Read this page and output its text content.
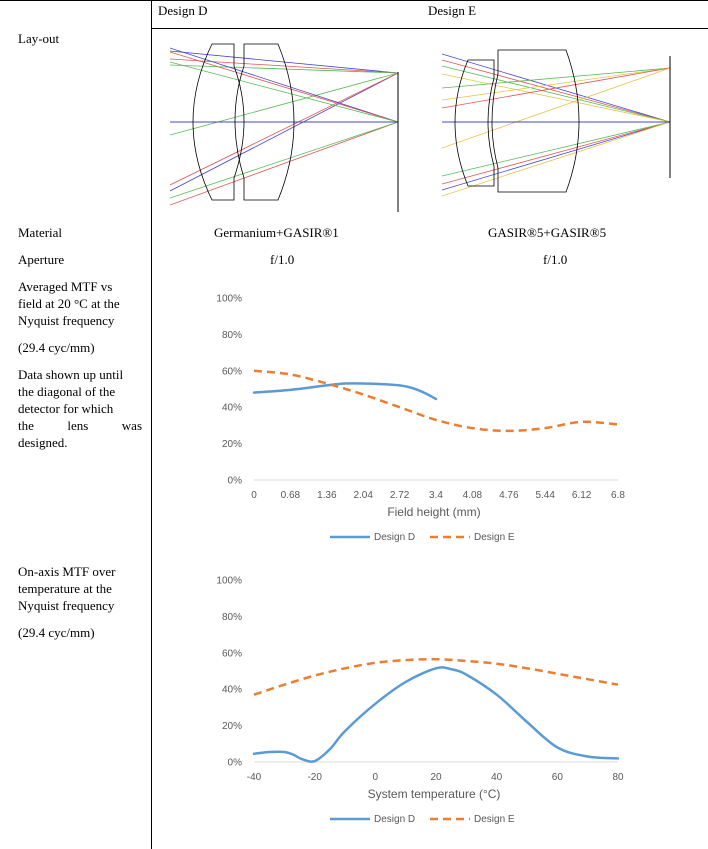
Design D	Design E
Lay-out
Material	Germanium+GASIR®1	GASIR®5+GASIR®5
Aperture	f/1.0	f/1.0
Averaged MTF vs
field at 20 °C at the
Nyquist frequency
(29.4 cyc/mm)
Data shown up until
the diagonal of the
detector for which
the	lens	was
designed.
On-axis MTF over
temperature at the
Nyquist frequency
(29.4 cyc/mm)
0%
20%
40%
60%
80%
100%
0 0.68 1.36 2.04 2.72 3.4 4.08 4.76 5.44 6.12 6.8
Field height (mm)
Design D	Design E
0%
20%
40%
60%
80%
100%
-40	-20	0	20	40	60	80
System temperature (°C)
Design D	Design E
